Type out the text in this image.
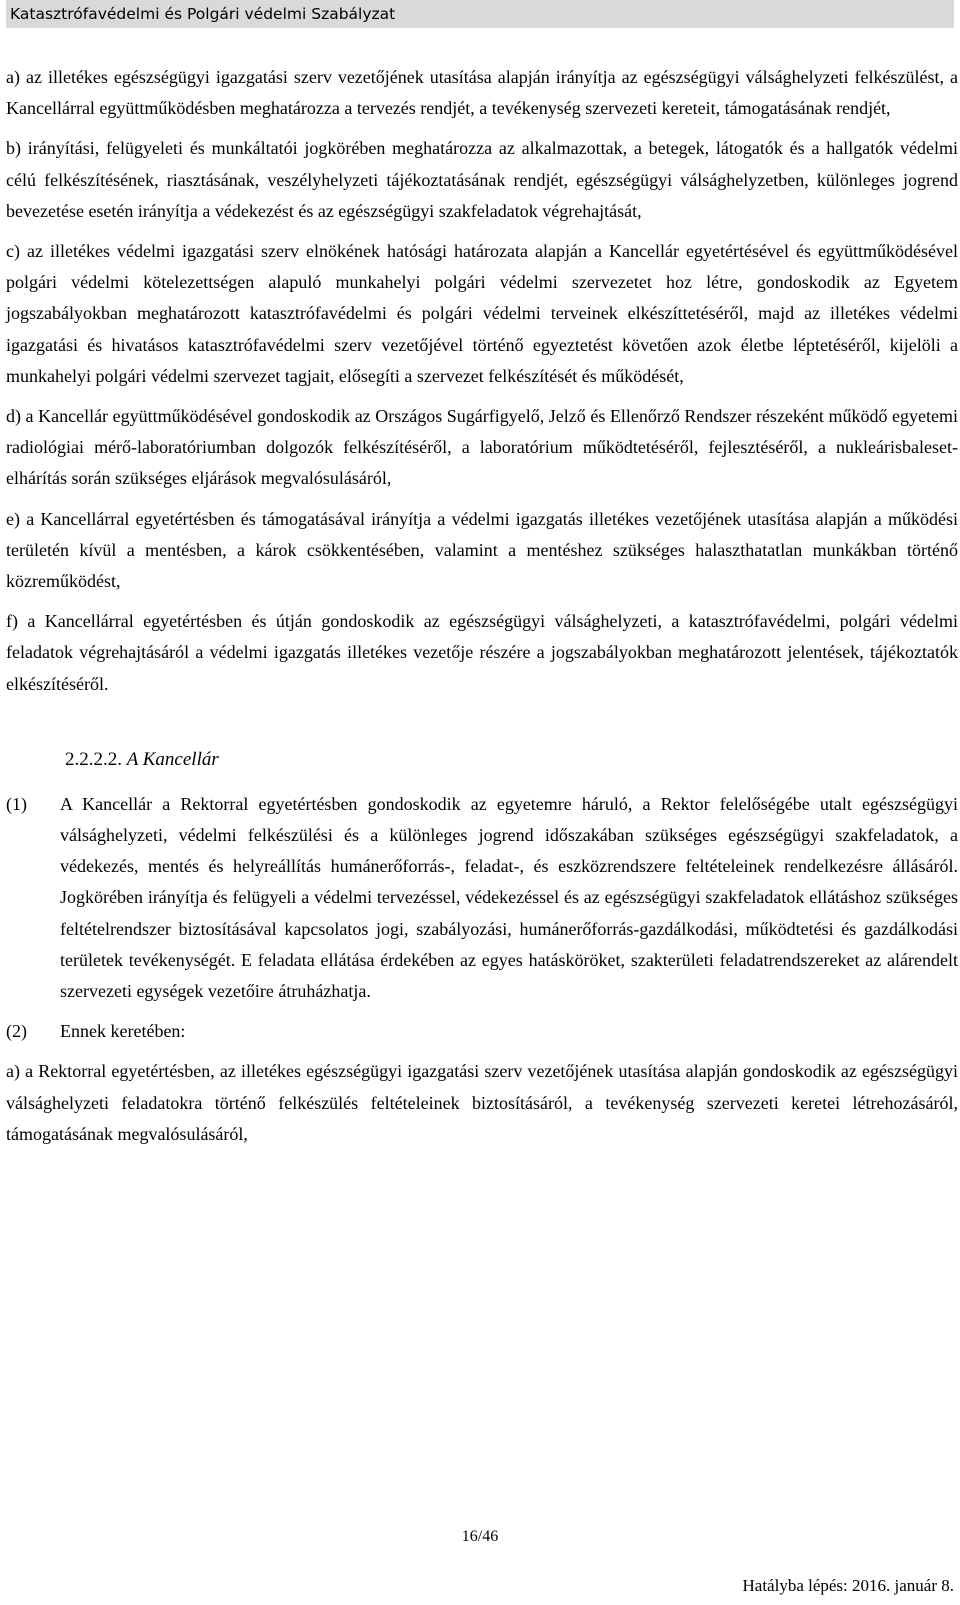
Katasztrófavédelmi és Polgári védelmi Szabályzat

a) az illetékes egészségügyi igazgatási szerv vezetőjének utasítása alapján irányítja az egészségügyi válsághelyzeti felkészülést, a Kancellárral együttműködésben meghatározza a tervezés rendjét, a tevékenység szervezeti kereteit, támogatásának rendjét,

b) irányítási, felügyeleti és munkáltatói jogkörében meghatározza az alkalmazottak, a betegek, látogatók és a hallgatók védelmi célú felkészítésének, riasztásának, veszélyhelyzeti tájékoztatásának rendjét, egészségügyi válsághelyzetben, különleges jogrend bevezetése esetén irányítja a védekezést és az egészségügyi szakfeladatok végrehajtását,

c) az illetékes védelmi igazgatási szerv elnökének hatósági határozata alapján a Kancellár egyetértésével és együttműködésével polgári védelmi kötelezettségen alapuló munkahelyi polgári védelmi szervezetet hoz létre, gondoskodik az Egyetem jogszabályokban meghatározott katasztrófavédelmi és polgári védelmi terveinek elkészíttetéséről, majd az illetékes védelmi igazgatási és hivatásos katasztrófavédelmi szerv vezetőjével történő egyeztetést követően azok életbe léptetéséről, kijelöli a munkahelyi polgári védelmi szervezet tagjait, elősegíti a szervezet felkészítését és működését,

d) a Kancellár együttműködésével gondoskodik az Országos Sugárfigyelő, Jelző és Ellenőrző Rendszer részeként működő egyetemi radiológiai mérő-laboratóriumban dolgozók felkészítéséről, a laboratórium működtetéséről, fejlesztéséről, a nukleárisbaleset-elhárítás során szükséges eljárások megvalósulásáról,

e) a Kancellárral egyetértésben és támogatásával irányítja a védelmi igazgatás illetékes vezetőjének utasítása alapján a működési területén kívül a mentésben, a károk csökkentésében, valamint a mentéshez szükséges halaszthatatlan munkákban történő közreműködést,

f) a Kancellárral egyetértésben és útján gondoskodik az egészségügyi válsághelyzeti, a katasztrófavédelmi, polgári védelmi feladatok végrehajtásáról a védelmi igazgatás illetékes vezetője részére a jogszabályokban meghatározott jelentések, tájékoztatók elkészítéséről.

2.2.2.2. A Kancellár
(1)	A Kancellár a Rektorral egyetértésben gondoskodik az egyetemre háruló, a Rektor felelőségébe utalt egészségügyi válsághelyzeti, védelmi felkészülési és a különleges jogrend időszakában szükséges egészségügyi szakfeladatok, a védekezés, mentés és helyreállítás humánerőforrás-, feladat-, és eszközrendszere feltételeinek rendelkezésre állásáról. Jogkörében irányítja és felügyeli a védelmi tervezéssel, védekezéssel és az egészségügyi szakfeladatok ellátáshoz szükséges feltételrendszer biztosításával kapcsolatos jogi, szabályozási, humánerőforrás-gazdálkodási, működtetési és gazdálkodási területek tevékenységét. E feladata ellátása érdekében az egyes hatásköröket, szakterületi feladatrendszereket az alárendelt szervezeti egységek vezetőire átruházhatja.
(2)	Ennek keretében:

a) a Rektorral egyetértésben, az illetékes egészségügyi igazgatási szerv vezetőjének utasítása alapján gondoskodik az egészségügyi válsághelyzeti feladatokra történő felkészülés feltételeinek biztosításáról, a tevékenység szervezeti keretei létrehozásáról, támogatásának megvalósulásáról,

16/46
Hatályba lépés: 2016. január 8.
